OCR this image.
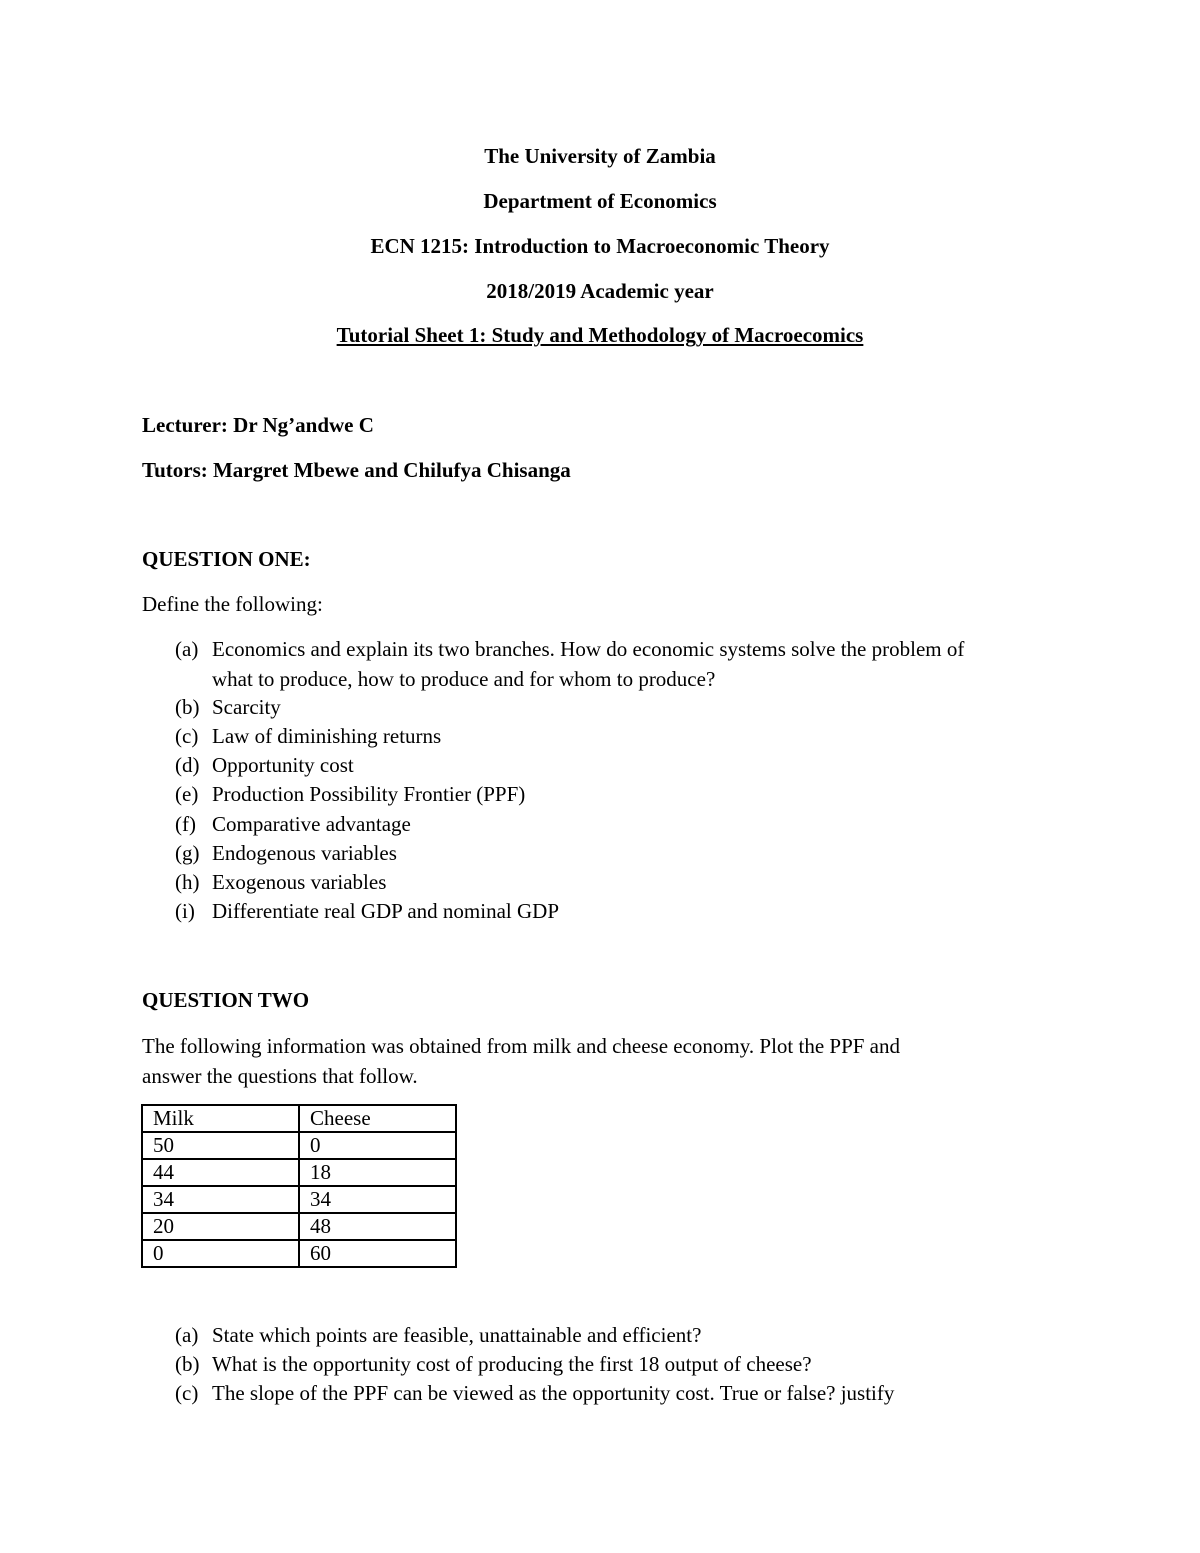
The University of Zambia
Department of Economics
ECN 1215: Introduction to Macroeconomic Theory
2018/2019 Academic year
Tutorial Sheet 1: Study and Methodology of Macroecomics
Lecturer: Dr Ng’andwe C
Tutors: Margret Mbewe and Chilufya Chisanga
QUESTION ONE:
Define the following:
(a) Economics and explain its two branches. How do economic systems solve the problem of
what to produce, how to produce and for whom to produce?
(b) Scarcity
(c) Law of diminishing returns
(d) Opportunity cost
(e) Production Possibility Frontier (PPF)
(f) Comparative advantage
(g) Endogenous variables
(h) Exogenous variables
(i) Differentiate real GDP and nominal GDP
QUESTION TWO
The following information was obtained from milk and cheese economy. Plot the PPF and
answer the questions that follow.
Milk	Cheese
50	0
44	18
34	34
20	48
0	60
(a) State which points are feasible, unattainable and efficient?
(b) What is the opportunity cost of producing the first 18 output of cheese?
(c) The slope of the PPF can be viewed as the opportunity cost. True or false? justify
